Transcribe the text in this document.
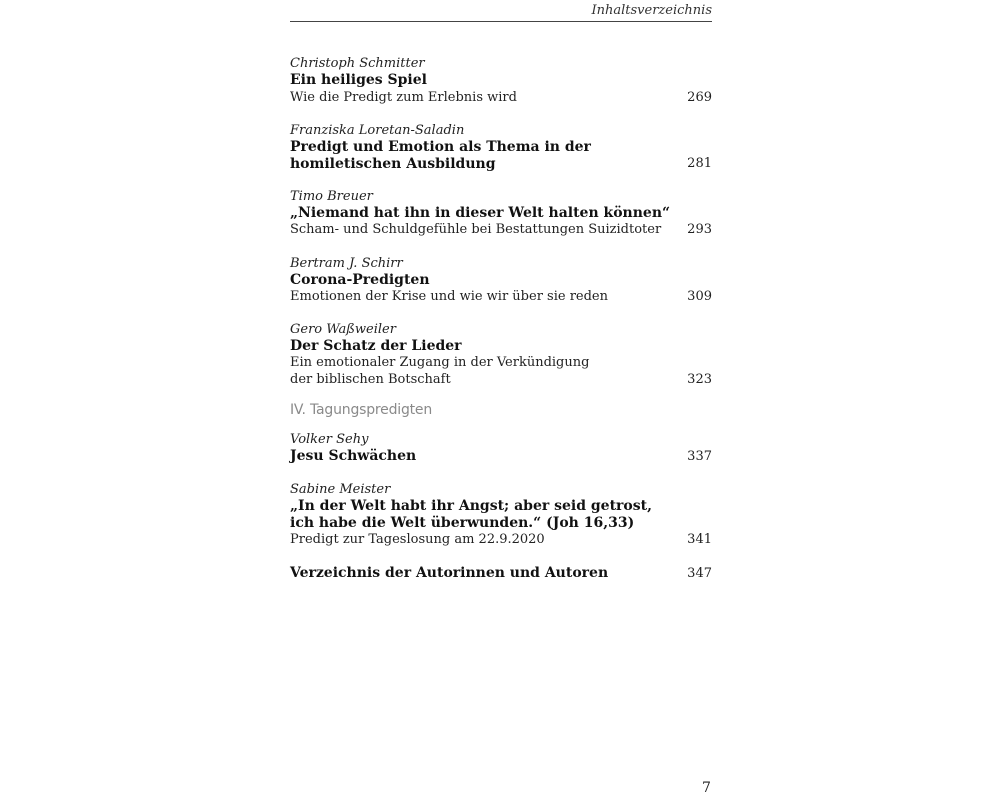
Inhaltsverzeichnis
Christoph Schmitter
Ein heiliges Spiel
Wie die Predigt zum Erlebnis wird	269
Franziska Loretan-Saladin
Predigt und Emotion als Thema in der
homiletischen Ausbildung	281
Timo Breuer
„Niemand hat ihn in dieser Welt halten können“
Scham- und Schuldgefühle bei Bestattungen Suizidtoter 293
Bertram J. Schirr
Corona-Predigten
Emotionen der Krise und wie wir über sie reden	309
Gero Waßweiler
Der Schatz der Lieder
Ein emotionaler Zugang in der Verkündigung
der biblischen Botschaft	323
IV. Tagungspredigten
Volker Sehy
Jesu Schwächen	337
Sabine Meister
„In der Welt habt ihr Angst; aber seid getrost,
ich habe die Welt überwunden.“ (Joh 16,33)
Predigt zur Tageslosung am 22.9.2020	341
Verzeichnis der Autorinnen und Autoren	347
7
